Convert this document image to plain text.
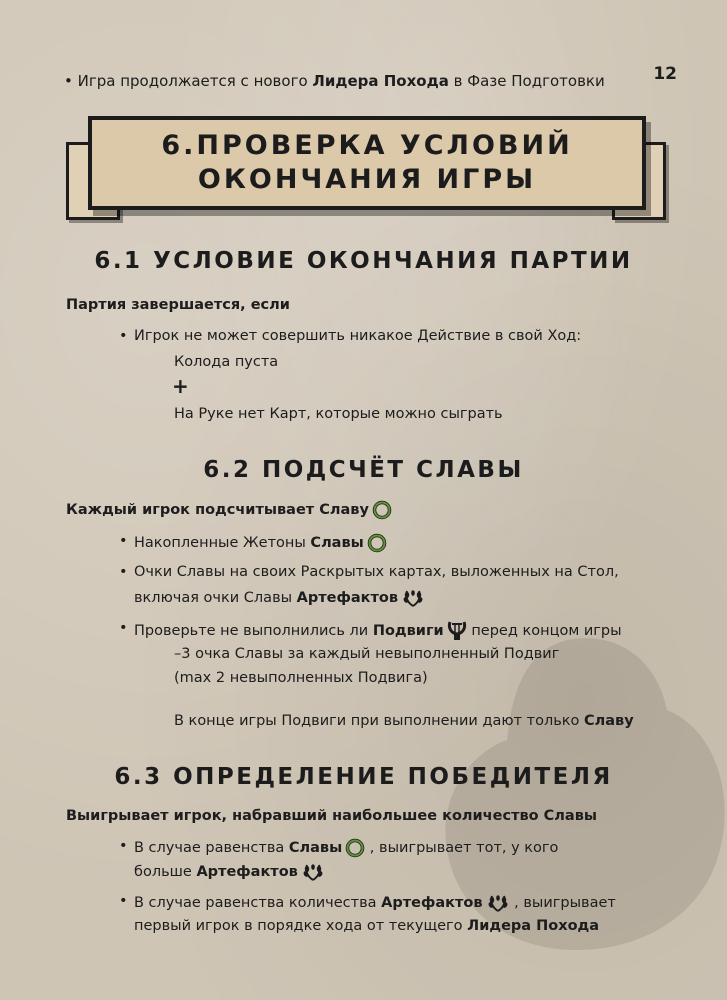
12
• Игра продолжается с нового Лидера Похода в Фазе Подготовки
6.ПРОВЕРКА УСЛОВИЙ
ОКОНЧАНИЯ ИГРЫ
6.1 УСЛОВИЕ ОКОНЧАНИЯ ПАРТИИ
Партия завершается, если
• Игрок не может совершить никакое Действие в свой Ход:
Колода пуста
+
На Руке нет Карт, которые можно сыграть
6.2 ПОДСЧЁТ СЛАВЫ
Каждый игрок подсчитывает Славу
• Накопленные Жетоны Славы
• Очки Славы на своих Раскрытых картах, выложенных на Стол,
включая очки Славы Артефактов
• Проверьте не выполнились ли Подвиги перед концом игры
–3 очка Славы за каждый невыполненный Подвиг
(max 2 невыполненных Подвига)
В конце игры Подвиги при выполнении дают только Славу
6.3 ОПРЕДЕЛЕНИЕ ПОБЕДИТЕЛЯ
Выигрывает игрок, набравший наибольшее количество Славы
• В случае равенства Славы , выигрывает тот, у кого
больше Артефактов
• В случае равенства количества Артефактов , выигрывает
первый игрок в порядке хода от текущего Лидера Похода
